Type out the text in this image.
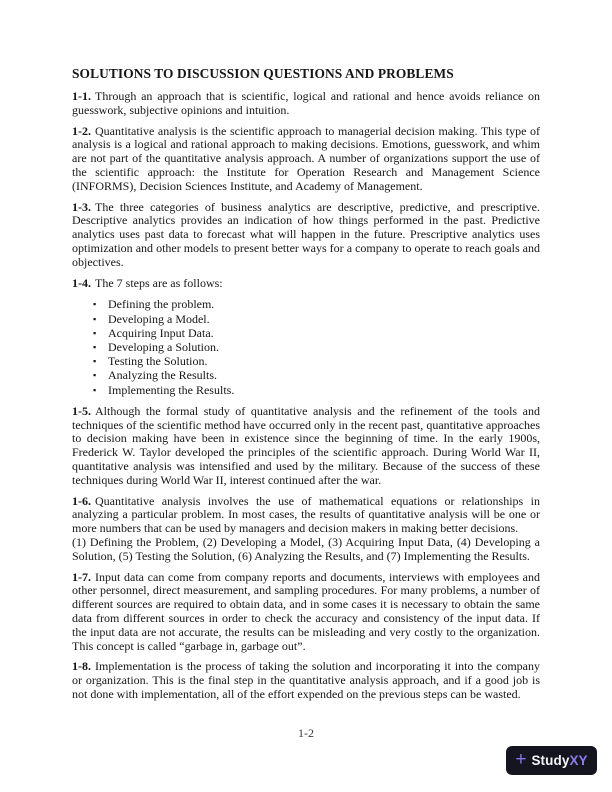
SOLUTIONS TO DISCUSSION QUESTIONS AND PROBLEMS

1-1. Through an approach that is scientific, logical and rational and hence avoids reliance on guesswork, subjective opinions and intuition.

1-2. Quantitative analysis is the scientific approach to managerial decision making. This type of analysis is a logical and rational approach to making decisions. Emotions, guesswork, and whim are not part of the quantitative analysis approach. A number of organizations support the use of the scientific approach: the Institute for Operation Research and Management Science (INFORMS), Decision Sciences Institute, and Academy of Management.

1-3. The three categories of business analytics are descriptive, predictive, and prescriptive. Descriptive analytics provides an indication of how things performed in the past. Predictive analytics uses past data to forecast what will happen in the future. Prescriptive analytics uses optimization and other models to present better ways for a company to operate to reach goals and objectives.

1-4. The 7 steps are as follows:

▪ Defining the problem.
▪ Developing a Model.
▪ Acquiring Input Data.
▪ Developing a Solution.
▪ Testing the Solution.
▪ Analyzing the Results.
▪ Implementing the Results.

1-5. Although the formal study of quantitative analysis and the refinement of the tools and techniques of the scientific method have occurred only in the recent past, quantitative approaches to decision making have been in existence since the beginning of time. In the early 1900s, Frederick W. Taylor developed the principles of the scientific approach. During World War II, quantitative analysis was intensified and used by the military. Because of the success of these techniques during World War II, interest continued after the war.

1-6. Quantitative analysis involves the use of mathematical equations or relationships in analyzing a particular problem. In most cases, the results of quantitative analysis will be one or more numbers that can be used by managers and decision makers in making better decisions.
(1) Defining the Problem, (2) Developing a Model, (3) Acquiring Input Data, (4) Developing a Solution, (5) Testing the Solution, (6) Analyzing the Results, and (7) Implementing the Results.

1-7. Input data can come from company reports and documents, interviews with employees and other personnel, direct measurement, and sampling procedures. For many problems, a number of different sources are required to obtain data, and in some cases it is necessary to obtain the same data from different sources in order to check the accuracy and consistency of the input data. If the input data are not accurate, the results can be misleading and very costly to the organization. This concept is called “garbage in, garbage out”.

1-8. Implementation is the process of taking the solution and incorporating it into the company or organization. This is the final step in the quantitative analysis approach, and if a good job is not done with implementation, all of the effort expended on the previous steps can be wasted.

1-2
+ StudyXY
